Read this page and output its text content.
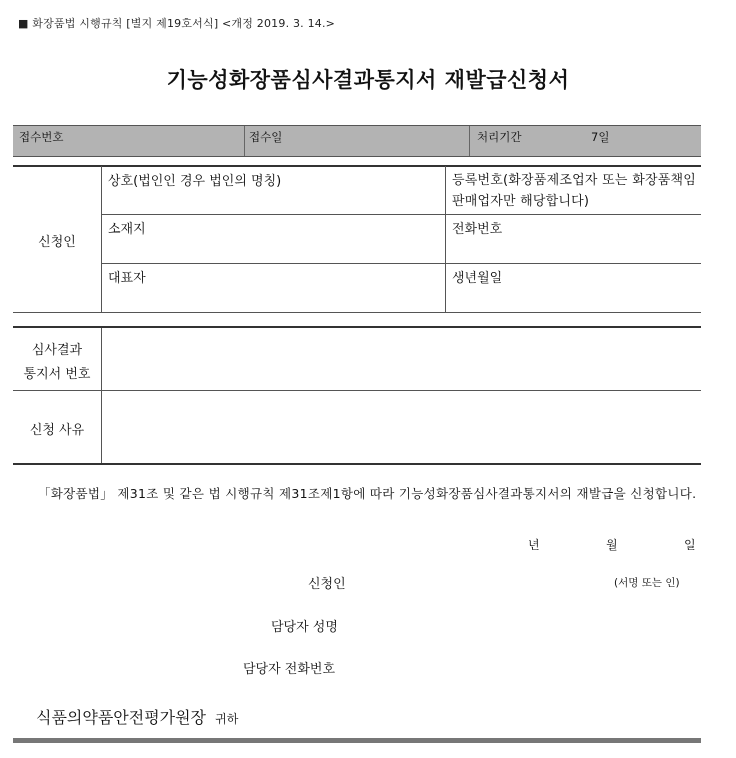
■ 화장품법 시행규칙 [별지 제19호서식] <개정 2019. 3. 14.>
기능성화장품심사결과통지서 재발급신청서
접수번호	접수일	처리기간	7일
신청인
상호(법인인 경우 법인의 명칭)	등록번호(화장품제조업자 또는 화장품책임판매업자만 해당합니다)
소재지	전화번호
대표자	생년월일
심사결과
통지서 번호
신청 사유
「화장품법」 제31조 및 같은 법 시행규칙 제31조제1항에 따라 기능성화장품심사결과통지서의 재발급을 신청합니다.
년	월	일
신청인	(서명 또는 인)
담당자 성명
담당자 전화번호
식품의약품안전평가원장 귀하
